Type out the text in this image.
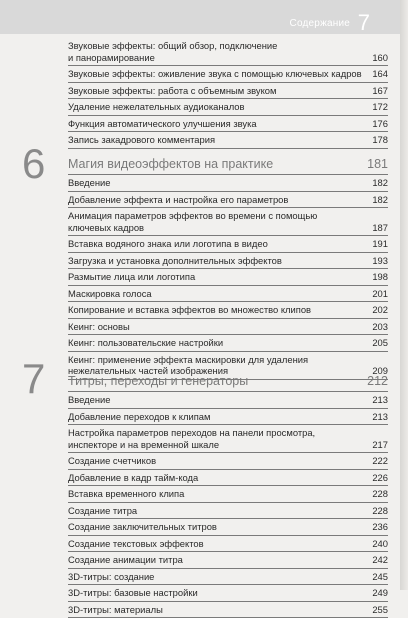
Содержание 7
Звуковые эффекты: общий обзор, подключение
и панорамирование	160
Звуковые эффекты: оживление звука с помощью ключевых кадров	164
Звуковые эффекты: работа с объемным звуком	167
Удаление нежелательных аудиоканалов	172
Функция автоматического улучшения звука	176
Запись закадрового комментария	178
6 Магия видеоэффектов на практике	181
Введение	182
Добавление эффекта и настройка его параметров	182
Анимация параметров эффектов во времени с помощью
ключевых кадров	187
Вставка водяного знака или логотипа в видео	191
Загрузка и установка дополнительных эффектов	193
Размытие лица или логотипа	198
Маскировка голоса	201
Копирование и вставка эффектов во множество клипов	202
Кеинг: основы	203
Кеинг: пользовательские настройки	205
Кеинг: применение эффекта маскировки для удаления
нежелательных частей изображения	209
7 Титры, переходы и генераторы	212
Введение	213
Добавление переходов к клипам	213
Настройка параметров переходов на панели просмотра,
инспекторе и на временной шкале	217
Создание счетчиков	222
Добавление в кадр тайм-кода	226
Вставка временного клипа	228
Создание титра	228
Создание заключительных титров	236
Создание текстовых эффектов	240
Создание анимации титра	242
3D-титры: создание	245
3D-титры: базовые настройки	249
3D-титры: материалы	255
